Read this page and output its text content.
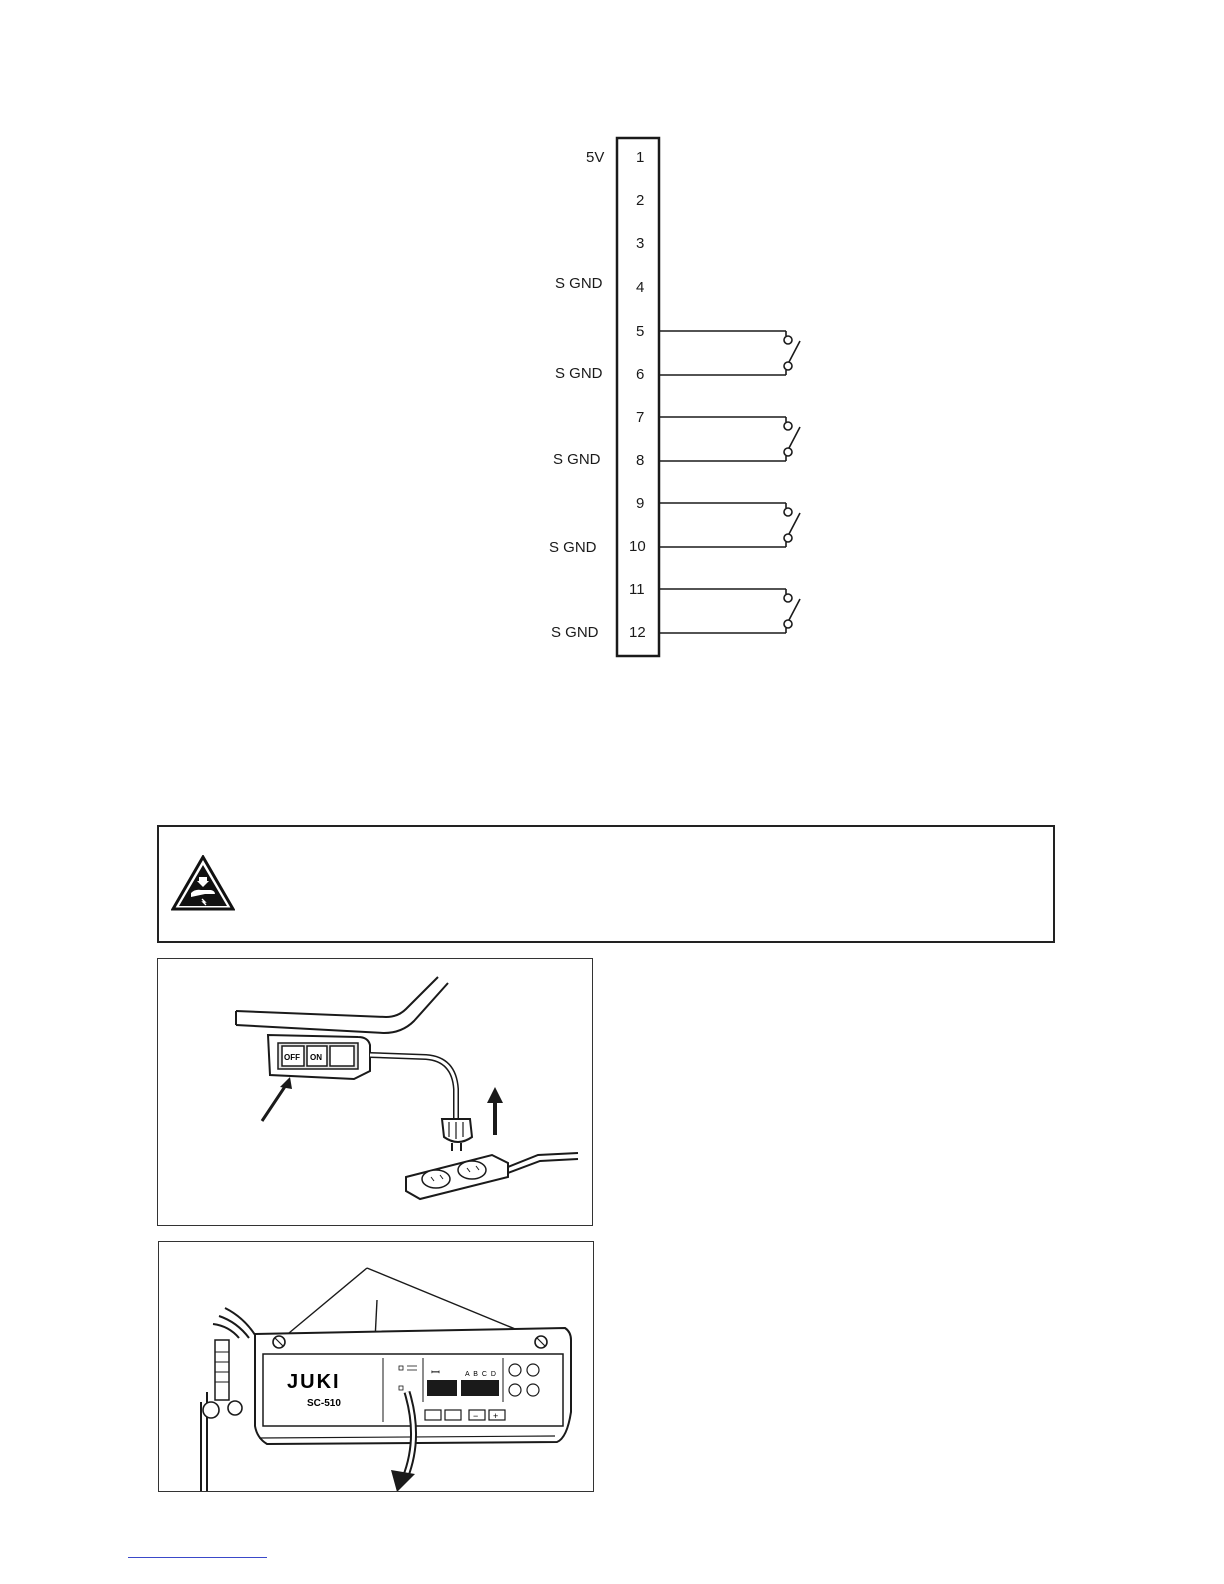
1
2
3
4
5
6
7
8
9
10
11
12
5V
S GND
S GND
S GND
S GND
S GND
OFF ON
JUKI
SC-510
ꟷ	A B C D
− +
